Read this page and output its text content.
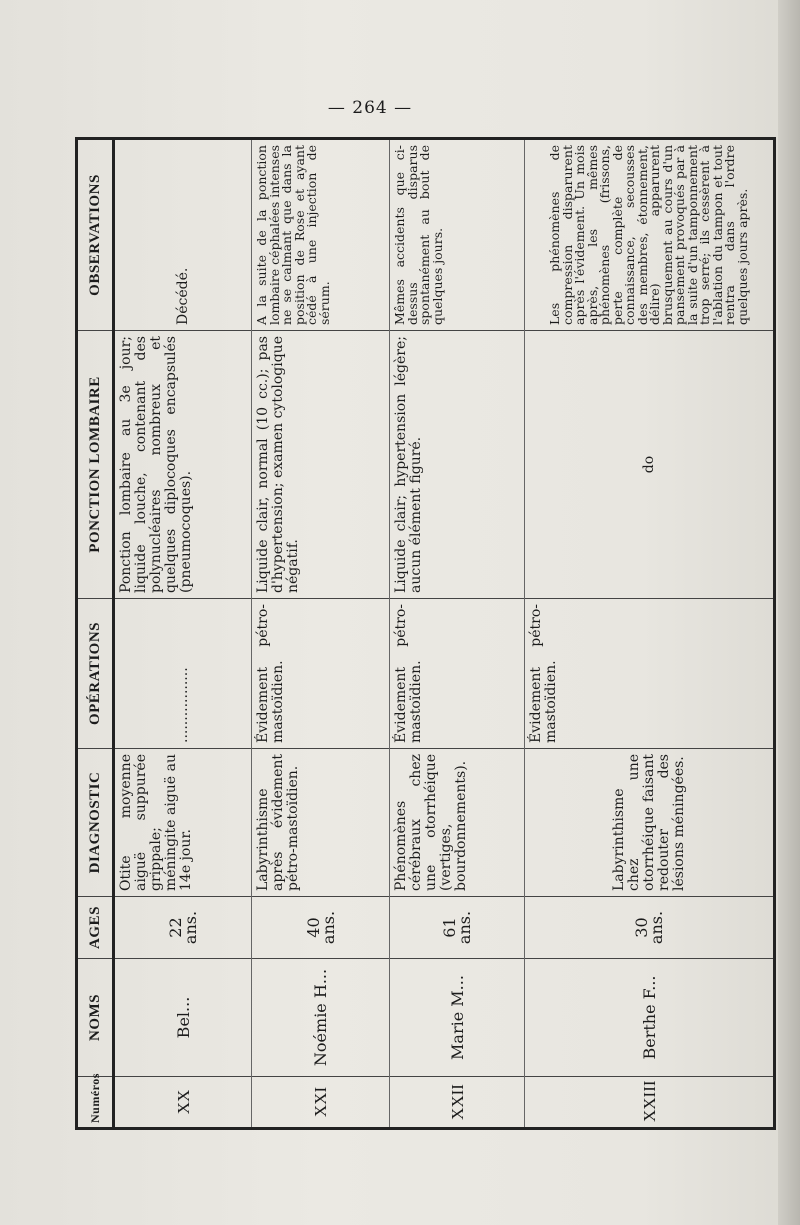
— 264 —
Numéros	NOMS	AGES	DIAGNOSTIC	OPÉRATIONS	PONCTION LOMBAIRE	OBSERVATIONS
XX	Bel...	22 ans.	Otite moyenne aiguë suppurée grippale; méningite aiguë au 14e jour.	.................	Ponction lombaire au 3e jour; liquide louche, contenant des polynucléaires nombreux et quelques diplocoques encapsulés (pneumocoques).	Décédé.
XXI	Noémie H...	40 ans.	Labyrinthisme après évidement pétro-mastoïdien.	Évidement pétro-mastoïdien.	Liquide clair, normal (10 cc.); pas d'hypertension; examen cytologique négatif.	A la suite de la ponction lombaire céphalées intenses ne se calmant que dans la position de Rose et ayant cédé à une injection de sérum.
XXII	Marie M...	61 ans.	Phénomènes cérébraux chez une otorrhéique (vertiges, bourdonnements).	Évidement pétro-mastoïdien.	Liquide clair; hypertension légère; aucun élément figuré.	Mêmes accidents que ci-dessus disparus spontanément au bout de quelques jours.
XXIII	Berthe F...	30 ans.	Labyrinthisme chez une otorrhéique faisant redouter des lésions méningées.	Évidement pétro-mastoïdien.	do	Les phénomènes de compression disparurent après l'évidement. Un mois après, les mêmes phénomènes (frissons, perte complète de connaissance, secousses des membres, étonnement, délire) apparurent brusquement au cours d'un pansement provoqués par à la suite d'un tamponnement trop serré; ils cessèrent à l'ablation du tampon et tout rentra dans l'ordre quelques jours après.
